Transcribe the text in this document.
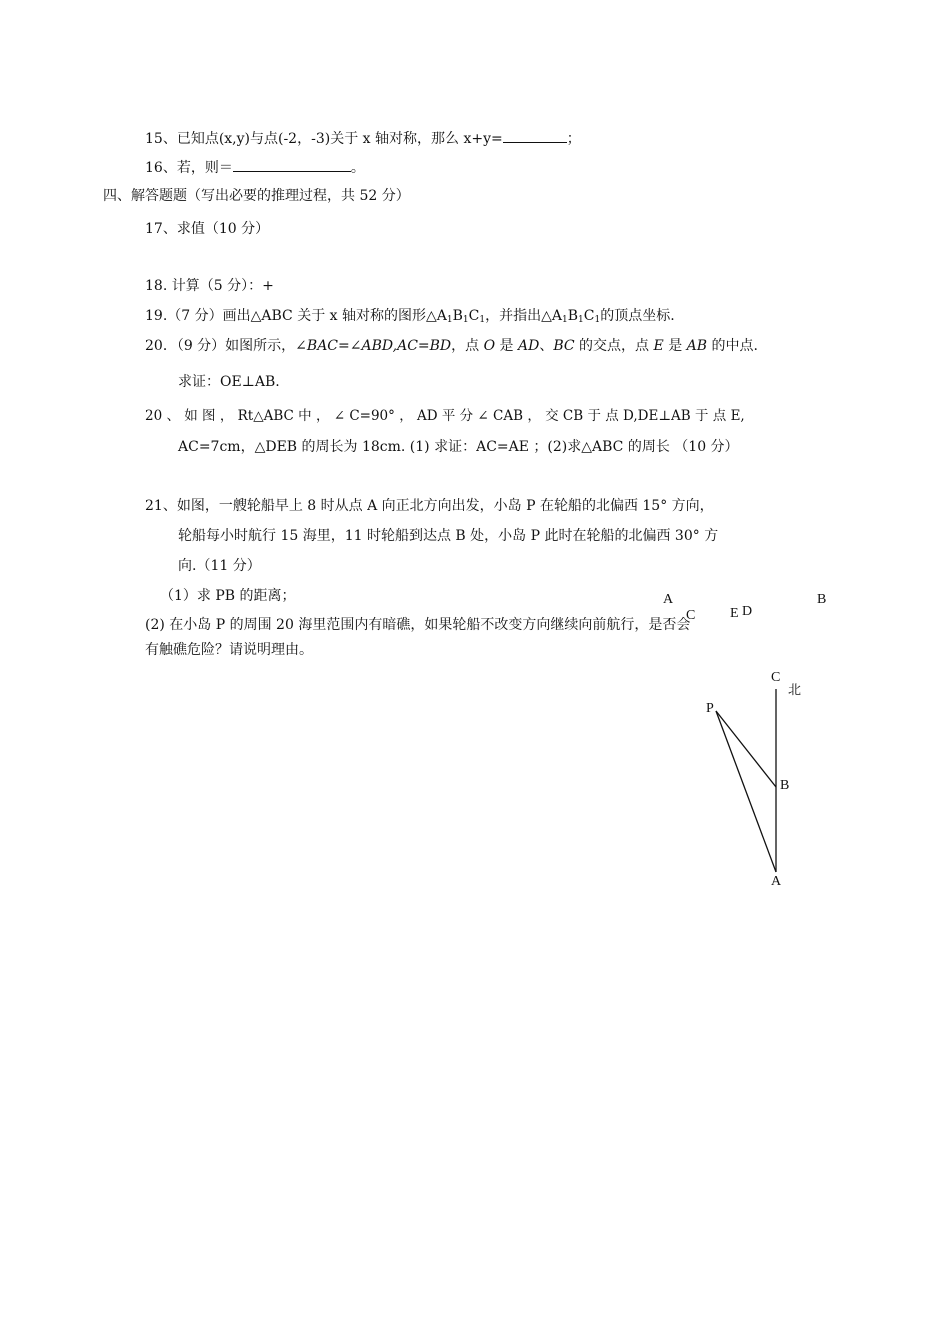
15、已知点(x,y)与点(-2，-3)关于 x 轴对称，那么 x+y=	；
16、若，则＝	。
四、解答题题（写出必要的推理过程，共 52 分）
17、求值（10 分）
18. 计算（5 分）：+
19.（7 分）画出△ABC 关于 x 轴对称的图形$\triangle A_1B_1C_1$，并指出$\triangle A_1B_1C_1$的顶点坐标.
20．（9 分）如图所示，∠BAC=∠ABD,AC=BD，点 O 是 AD、BC 的交点，点 E 是 AB 的中点.
求证：OE⊥AB.
20 、 如 图 ， Rt△ABC 中 ， ∠ C=90° ， AD 平 分 ∠ CAB ， 交 CB 于 点 D,DE⊥AB 于 点 E,
AC=7cm，△DEB 的周长为 18cm. (1) 求证：AC=AE ；(2)求△ABC 的周长 （10 分）
21、如图，一艘轮船早上 8 时从点 A 向正北方向出发，小岛 P 在轮船的北偏西 15° 方向，
轮船每小时航行 15 海里，11 时轮船到达点 B 处，小岛 P 此时在轮船的北偏西 30° 方
向.（11 分）
（1）求 PB 的距离；
(2) 在小岛 P 的周围 20 海里范围内有暗礁，如果轮船不改变方向继续向前航行，是否会
有触礁危险？请说明理由。
A	B
C	D
E
C
北
P
B
A
